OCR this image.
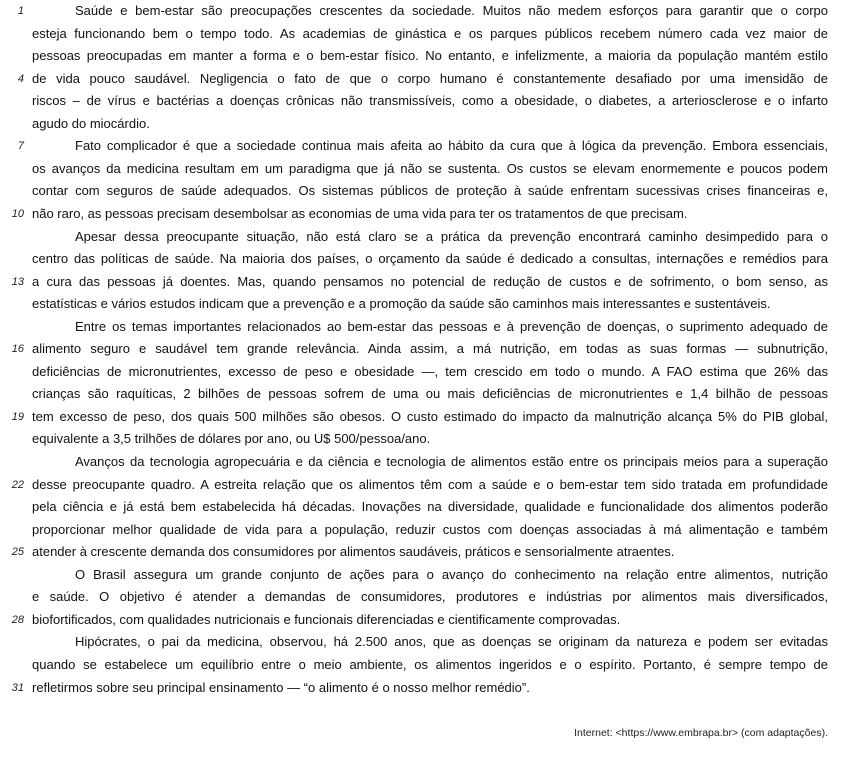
1	Saúde e bem-estar são preocupações crescentes da sociedade. Muitos não medem esforços para garantir que o corpo
esteja funcionando bem o tempo todo. As academias de ginástica e os parques públicos recebem número cada vez maior de
pessoas preocupadas em manter a forma e o bem-estar físico. No entanto, e infelizmente, a maioria da população mantém estilo
4 de vida pouco saudável. Negligencia o fato de que o corpo humano é constantemente desafiado por uma imensidão de
riscos – de vírus e bactérias a doenças crônicas não transmissíveis, como a obesidade, o diabetes, a arteriosclerose e o infarto
agudo do miocárdio.
7	Fato complicador é que a sociedade continua mais afeita ao hábito da cura que à lógica da prevenção. Embora essenciais,
os avanços da medicina resultam em um paradigma que já não se sustenta. Os custos se elevam enormemente e poucos podem
contar com seguros de saúde adequados. Os sistemas públicos de proteção à saúde enfrentam sucessivas crises financeiras e,
10 não raro, as pessoas precisam desembolsar as economias de uma vida para ter os tratamentos de que precisam.
Apesar dessa preocupante situação, não está claro se a prática da prevenção encontrará caminho desimpedido para o
centro das políticas de saúde. Na maioria dos países, o orçamento da saúde é dedicado a consultas, internações e remédios para
13 a cura das pessoas já doentes. Mas, quando pensamos no potencial de redução de custos e de sofrimento, o bom senso, as
estatísticas e vários estudos indicam que a prevenção e a promoção da saúde são caminhos mais interessantes e sustentáveis.
Entre os temas importantes relacionados ao bem-estar das pessoas e à prevenção de doenças, o suprimento adequado de
16 alimento seguro e saudável tem grande relevância. Ainda assim, a má nutrição, em todas as suas formas — subnutrição,
deficiências de micronutrientes, excesso de peso e obesidade —, tem crescido em todo o mundo. A FAO estima que 26% das
crianças são raquíticas, 2 bilhões de pessoas sofrem de uma ou mais deficiências de micronutrientes e 1,4 bilhão de pessoas
19 tem excesso de peso, dos quais 500 milhões são obesos. O custo estimado do impacto da malnutrição alcança 5% do PIB global,
equivalente a 3,5 trilhões de dólares por ano, ou U$ 500/pessoa/ano.
Avanços da tecnologia agropecuária e da ciência e tecnologia de alimentos estão entre os principais meios para a superação
22 desse preocupante quadro. A estreita relação que os alimentos têm com a saúde e o bem-estar tem sido tratada em profundidade
pela ciência e já está bem estabelecida há décadas. Inovações na diversidade, qualidade e funcionalidade dos alimentos poderão
proporcionar melhor qualidade de vida para a população, reduzir custos com doenças associadas à má alimentação e também
25 atender à crescente demanda dos consumidores por alimentos saudáveis, práticos e sensorialmente atraentes.
O Brasil assegura um grande conjunto de ações para o avanço do conhecimento na relação entre alimentos, nutrição
e saúde. O objetivo é atender a demandas de consumidores, produtores e indústrias por alimentos mais diversificados,
28 biofortificados, com qualidades nutricionais e funcionais diferenciadas e cientificamente comprovadas.
Hipócrates, o pai da medicina, observou, há 2.500 anos, que as doenças se originam da natureza e podem ser evitadas
quando se estabelece um equilíbrio entre o meio ambiente, os alimentos ingeridos e o espírito. Portanto, é sempre tempo de
31 refletirmos sobre seu principal ensinamento — “o alimento é o nosso melhor remédio”.
Internet: <https://www.embrapa.br> (com adaptações).
